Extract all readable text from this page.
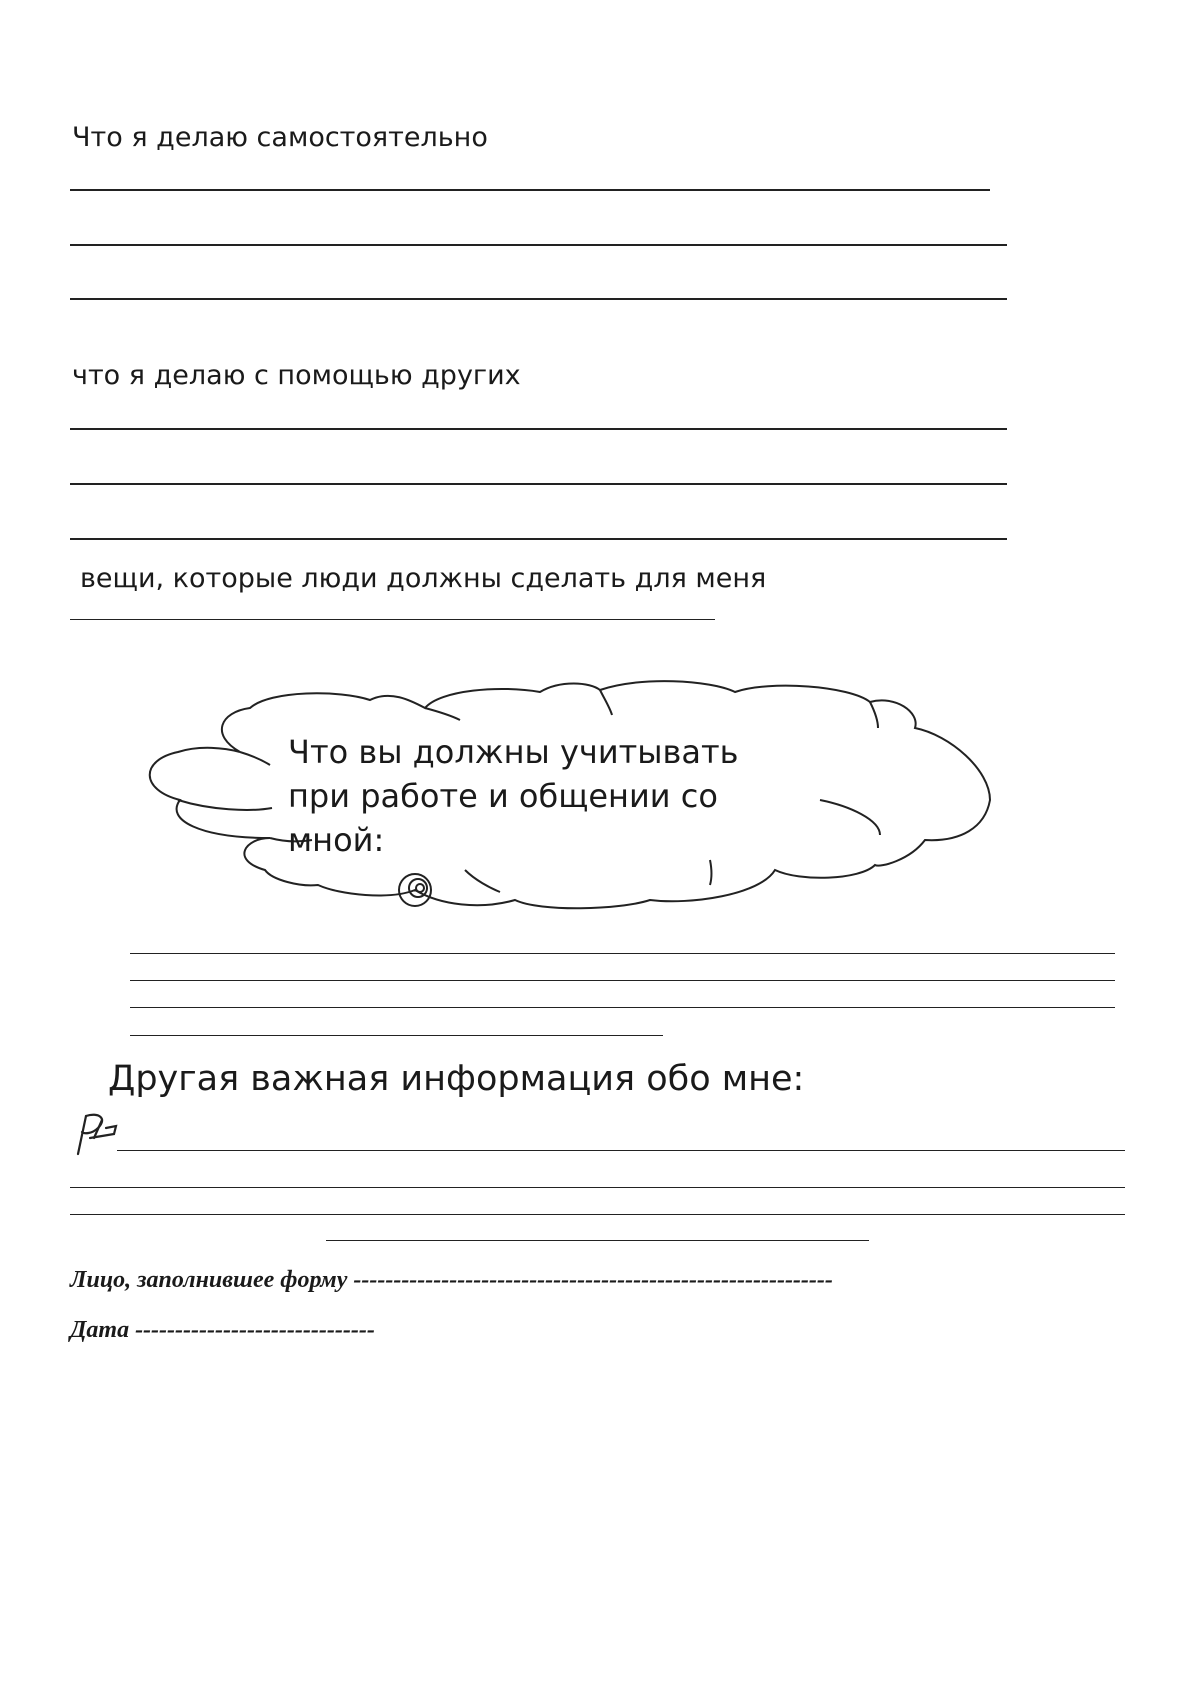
Что я делаю самостоятельно
что я делаю с помощью других
вещи, которые люди должны сделать для меня
Что вы должны учитывать
при работе и общении со
мной:
Другая важная информация обо мне:
Лицо, заполнившее форму ------------------------------------------------------------
Дата ------------------------------
